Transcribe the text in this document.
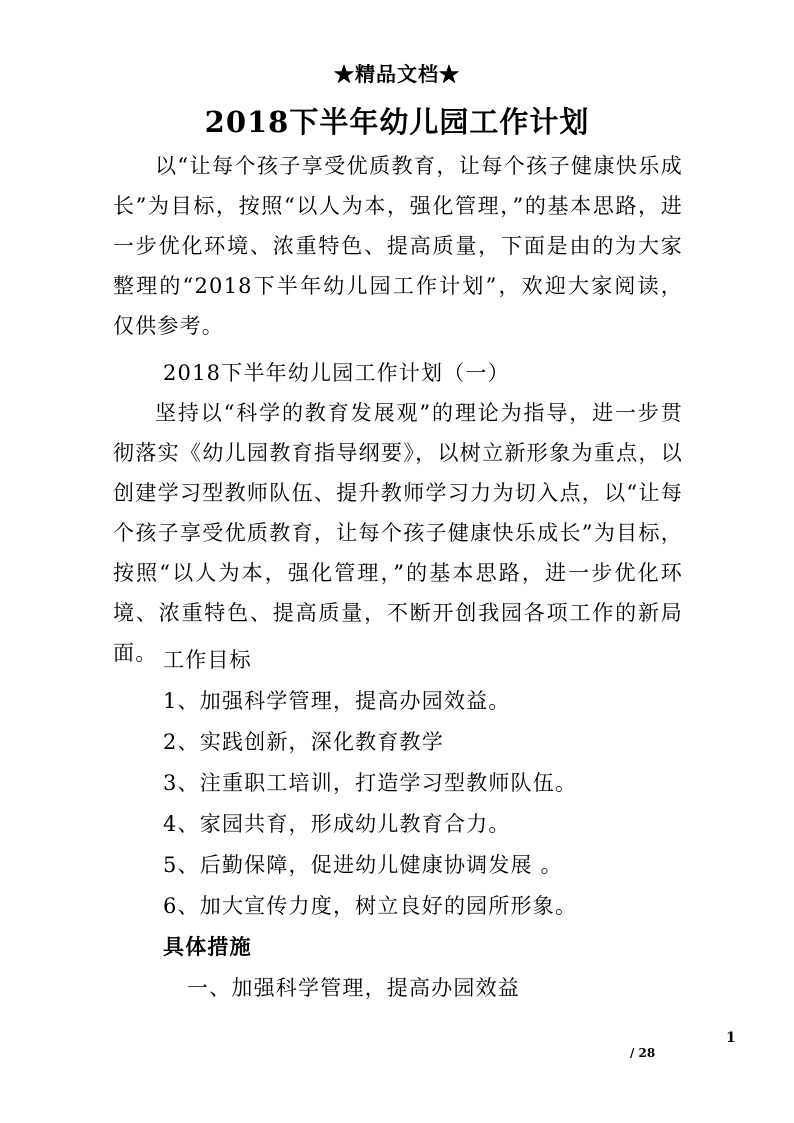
★精品文档★
2018下半年幼儿园工作计划
以“让每个孩子享受优质教育，让每个孩子健康快乐成长”为目标，按照“以人为本，强化管理，”的基本思路，进一步优化环境、浓重特色、提高质量，下面是由的为大家整理的“2018下半年幼儿园工作计划”，欢迎大家阅读，仅供参考。
2018下半年幼儿园工作计划（一）
坚持以“科学的教育发展观”的理论为指导，进一步贯彻落实《幼儿园教育指导纲要》，以树立新形象为重点，以创建学习型教师队伍、提升教师学习力为切入点，以“让每个孩子享受优质教育，让每个孩子健康快乐成长”为目标，按照“以人为本，强化管理，”的基本思路，进一步优化环境、浓重特色、提高质量，不断开创我园各项工作的新局面。 工作目标
1、加强科学管理，提高办园效益。
2、实践创新，深化教育教学
3、注重职工培训，打造学习型教师队伍。
4、家园共育，形成幼儿教育合力。
5、后勤保障，促进幼儿健康协调发展 。
6、加大宣传力度，树立良好的园所形象。
具体措施
一、加强科学管理，提高办园效益
1
/ 28
